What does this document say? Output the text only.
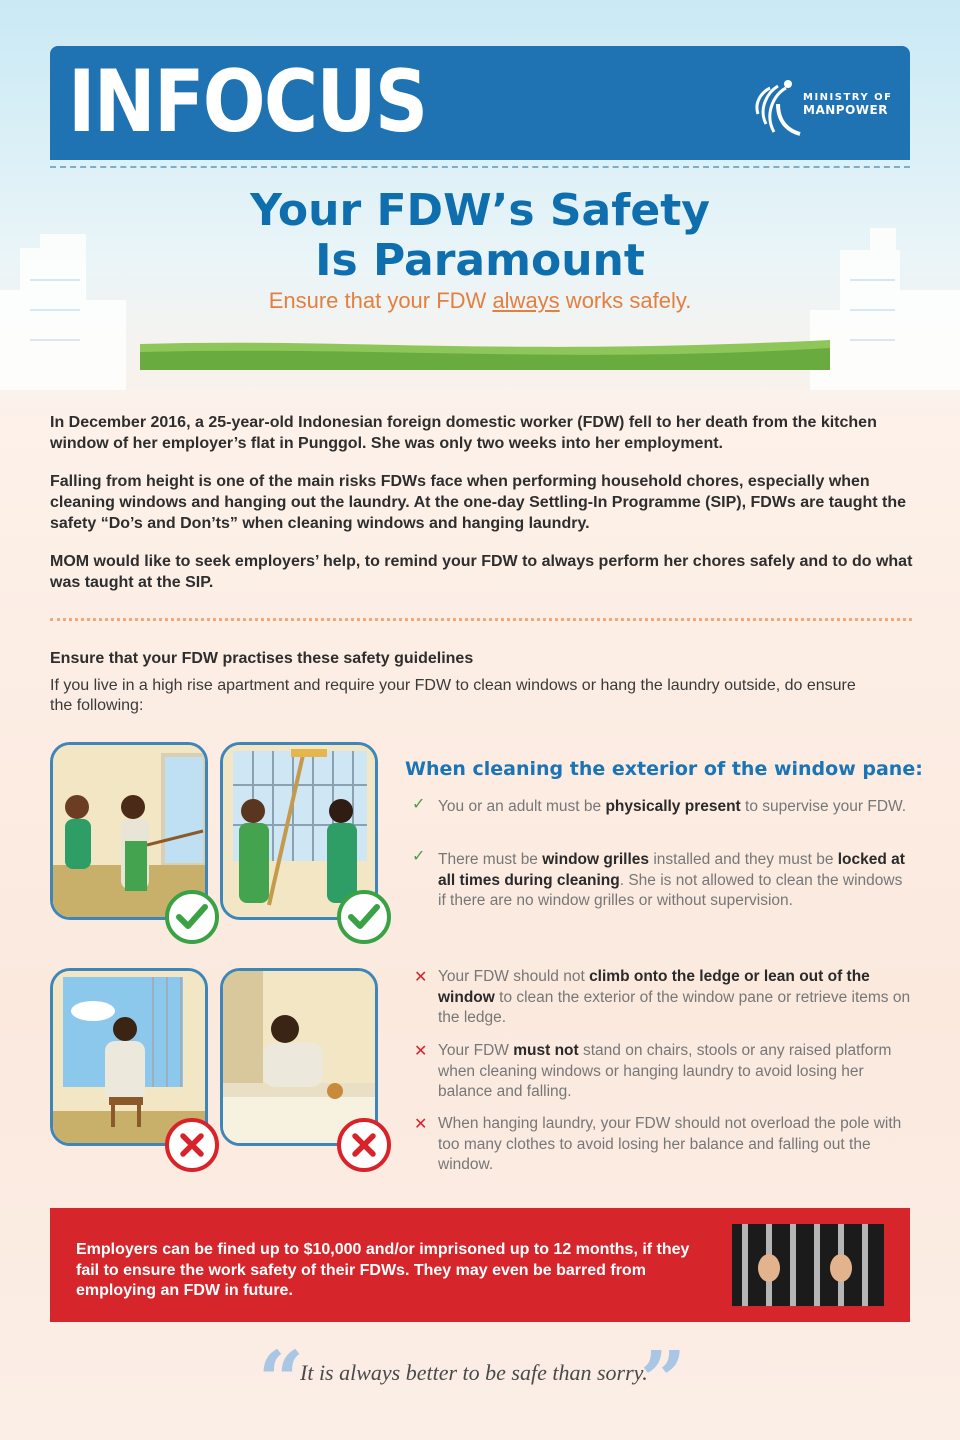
INFOCUS	MINISTRY OF
MANPOWER
Your FDW’s Safety
Is Paramount
Ensure that your FDW always works safely.
In December 2016, a 25-year-old Indonesian foreign domestic worker (FDW) fell to her death from the kitchen window of her employer’s flat in Punggol. She was only two weeks into her employment.
Falling from height is one of the main risks FDWs face when performing household chores, especially when cleaning windows and hanging out the laundry. At the one-day Settling-In Programme (SIP), FDWs are taught the safety “Do’s and Don’ts” when cleaning windows and hanging laundry.
MOM would like to seek employers’ help, to remind your FDW to always perform her chores safely and to do what was taught at the SIP.
Ensure that your FDW practises these safety guidelines
If you live in a high rise apartment and require your FDW to clean windows or hang the laundry outside, do ensure the following:
When cleaning the exterior of the window pane:
✓ You or an adult must be physically present to supervise your FDW.
✓ There must be window grilles installed and they must be locked at all times during cleaning. She is not allowed to clean the windows if there are no window grilles or without supervision.
✕ Your FDW should not climb onto the ledge or lean out of the window to clean the exterior of the window pane or retrieve items on the ledge.
✕ Your FDW must not stand on chairs, stools or any raised platform when cleaning windows or hanging laundry to avoid losing her balance and falling.
✕ When hanging laundry, your FDW should not overload the pole with too many clothes to avoid losing her balance and falling out the window.
Employers can be fined up to $10,000 and/or imprisoned up to 12 months, if they fail to ensure the work safety of their FDWs. They may even be barred from employing an FDW in future.
“
It is always better to be safe than sorry.
”
